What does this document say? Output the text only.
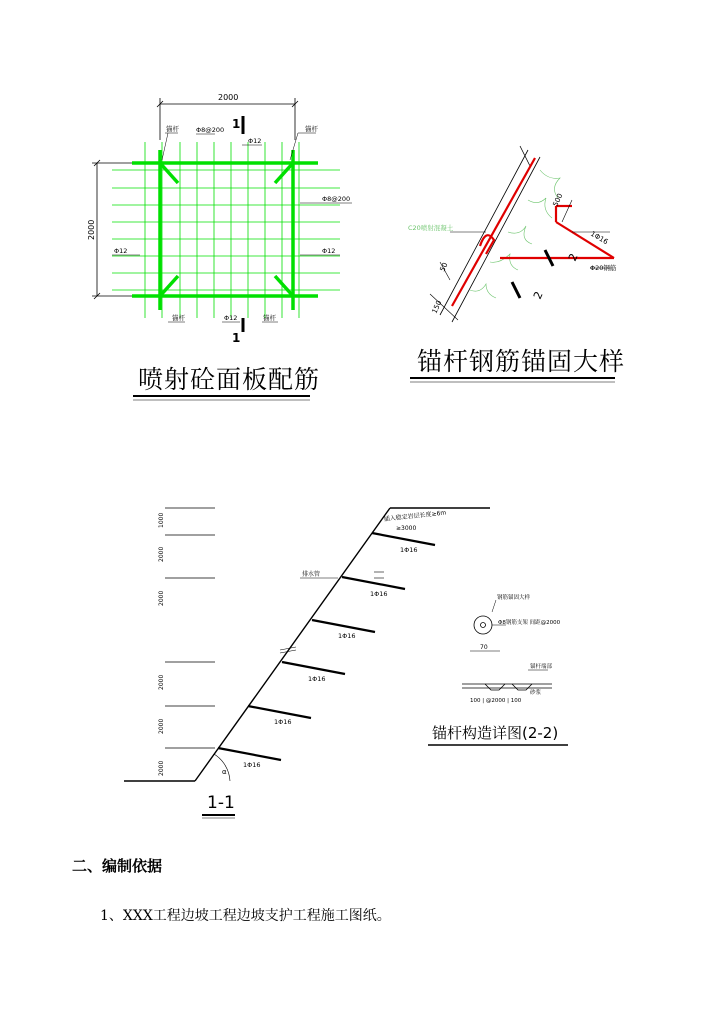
2000
2000
1
1
锚杆	Φ8@200
Φ12
锚杆
Φ8@200
Φ12	Φ12
锚杆	Φ12	锚杆
喷射砼面板配筋
C20喷射混凝土
1Φ16
Φ20钢筋
500
50
150
2
2
锚杆钢筋锚固大样
1Φ16
1Φ16
1Φ16
1Φ16
1Φ16
1Φ16
插入稳定岩层长度≥6m
≥3000
排水管
α
1000
2000
2000
2000
2000
2000
1-1
钢筋锚固大样
Φ8钢筋支架 间距@2000
70
锚杆端部
砂浆
100 | @2000 | 100
锚杆构造详图(2-2)

二、编制依据

1、XXX工程边坡工程边坡支护工程施工图纸。
